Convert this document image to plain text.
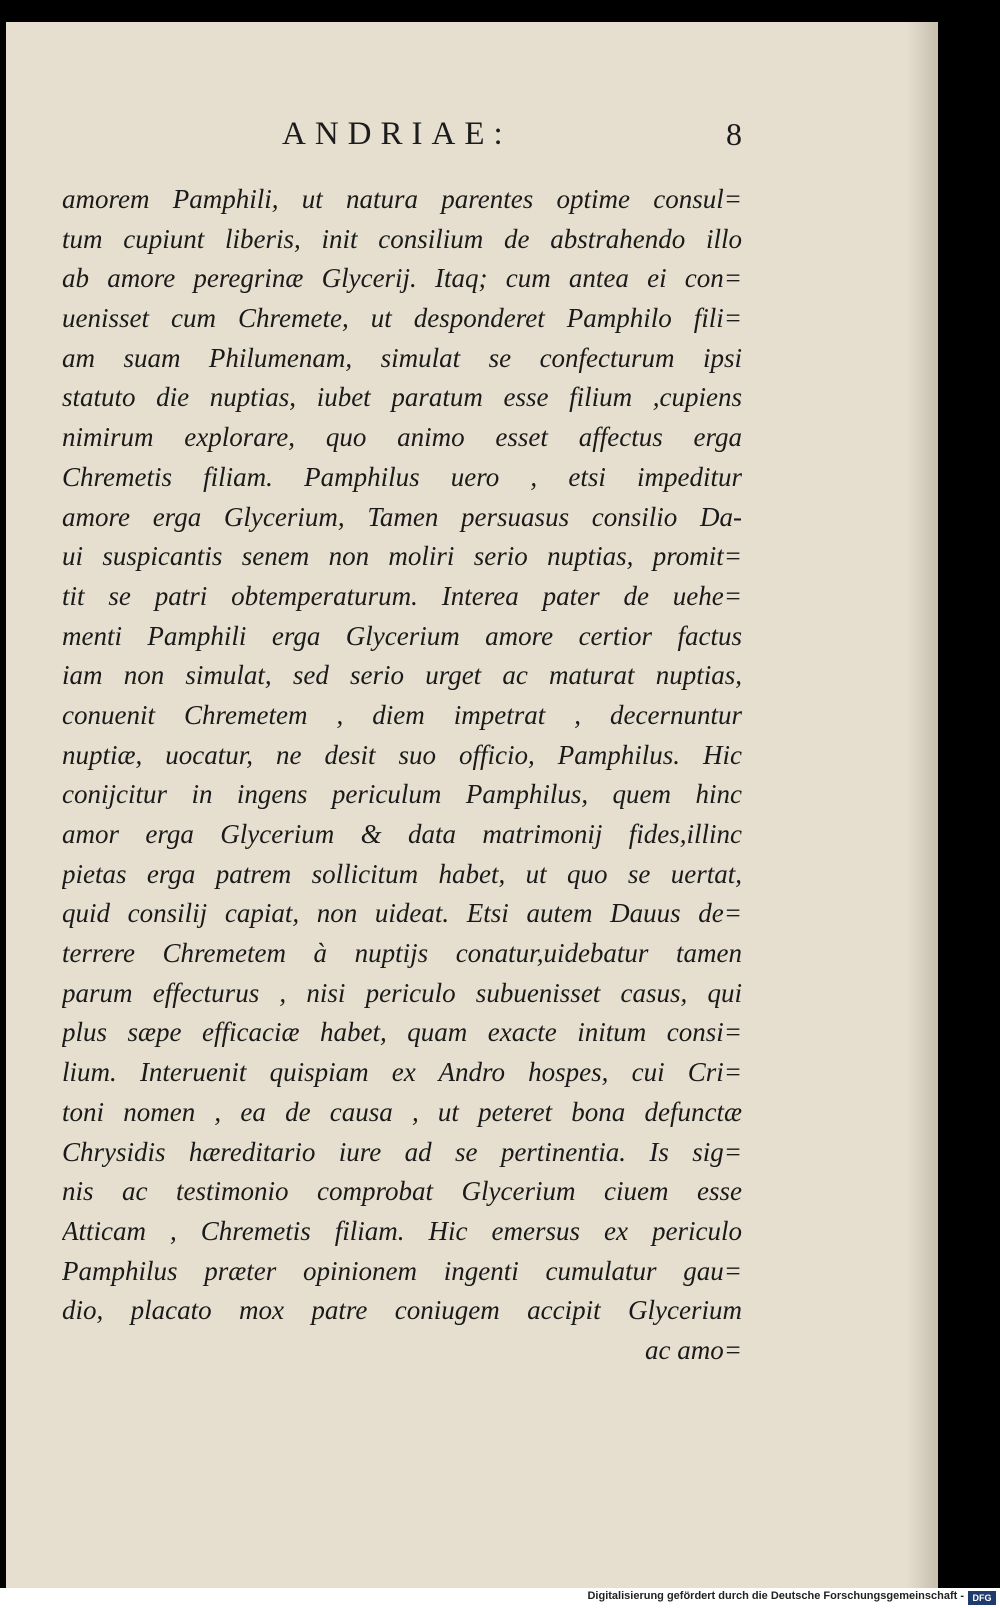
ANDRIAE:	8
amorem Pamphili, ut natura parentes optime consul=
tum cupiunt liberis, init consilium de abstrahendo illo
ab amore peregrinæ Glycerij. Itaq; cum antea ei con=
uenisset cum Chremete, ut desponderet Pamphilo fili=
am suam Philumenam, simulat se confecturum ipsi
statuto die nuptias, iubet paratum esse filium ,cupiens
nimirum explorare, quo animo esset affectus erga
Chremetis filiam. Pamphilus uero , etsi impeditur
amore erga Glycerium, Tamen persuasus consilio Da-
ui suspicantis senem non moliri serio nuptias, promit=
tit se patri obtemperaturum. Interea pater de uehe=
menti Pamphili erga Glycerium amore certior factus
iam non simulat, sed serio urget ac maturat nuptias,
conuenit Chremetem , diem impetrat , decernuntur
nuptiæ, uocatur, ne desit suo officio, Pamphilus. Hic
conijcitur in ingens periculum Pamphilus, quem hinc
amor erga Glycerium & data matrimonij fides,illinc
pietas erga patrem sollicitum habet, ut quo se uertat,
quid consilij capiat, non uideat. Etsi autem Dauus de=
terrere Chremetem à nuptijs conatur,uidebatur tamen
parum effecturus , nisi periculo subuenisset casus, qui
plus sæpe efficaciæ habet, quam exacte initum consi=
lium. Interuenit quispiam ex Andro hospes, cui Cri=
toni nomen , ea de causa , ut peteret bona defunctæ
Chrysidis hæreditario iure ad se pertinentia. Is sig=
nis ac testimonio comprobat Glycerium ciuem esse
Atticam , Chremetis filiam. Hic emersus ex periculo
Pamphilus præter opinionem ingenti cumulatur gau=
dio, placato mox patre coniugem accipit Glycerium
ac amo=
Digitalisierung gefördert durch die Deutsche Forschungsgemeinschaft - DFG
